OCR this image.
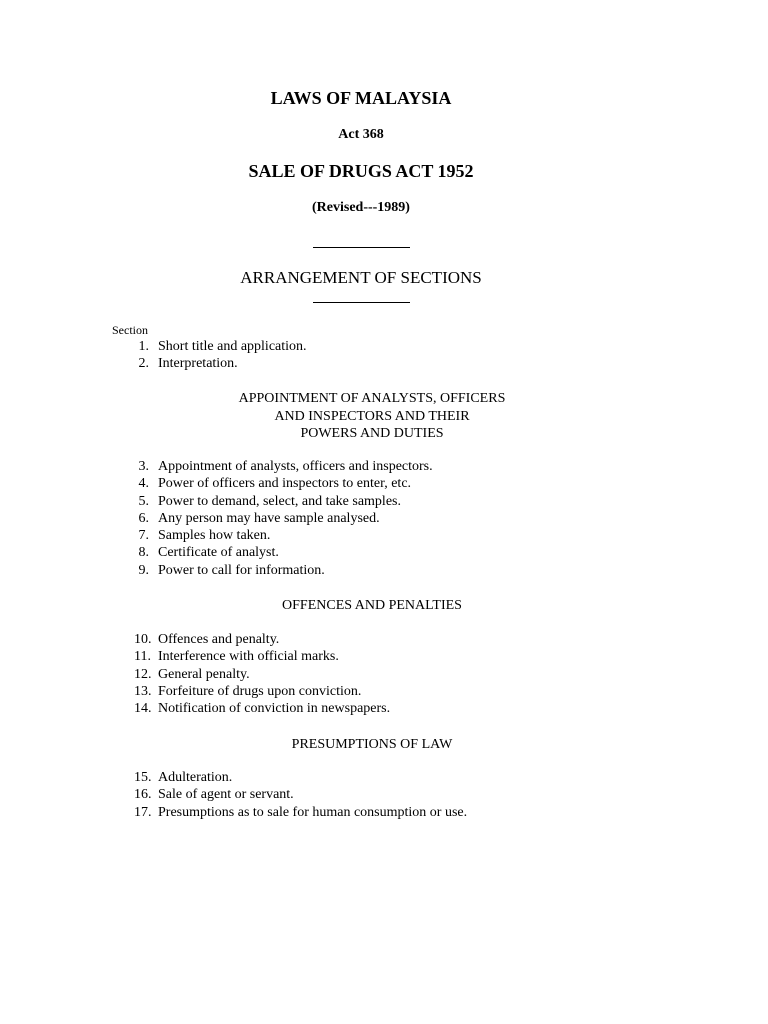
LAWS OF MALAYSIA
Act 368
SALE OF DRUGS ACT 1952
(Revised---1989)
ARRANGEMENT OF SECTIONS
Section
1. Short title and application.
2. Interpretation.
APPOINTMENT OF ANALYSTS, OFFICERS
AND INSPECTORS AND THEIR
POWERS AND DUTIES
3. Appointment of analysts, officers and inspectors.
4. Power of officers and inspectors to enter, etc.
5. Power to demand, select, and take samples.
6. Any person may have sample analysed.
7. Samples how taken.
8. Certificate of analyst.
9. Power to call for information.
OFFENCES AND PENALTIES
10. Offences and penalty.
11. Interference with official marks.
12. General penalty.
13. Forfeiture of drugs upon conviction.
14. Notification of conviction in newspapers.
PRESUMPTIONS OF LAW
15. Adulteration.
16. Sale of agent or servant.
17. Presumptions as to sale for human consumption or use.
